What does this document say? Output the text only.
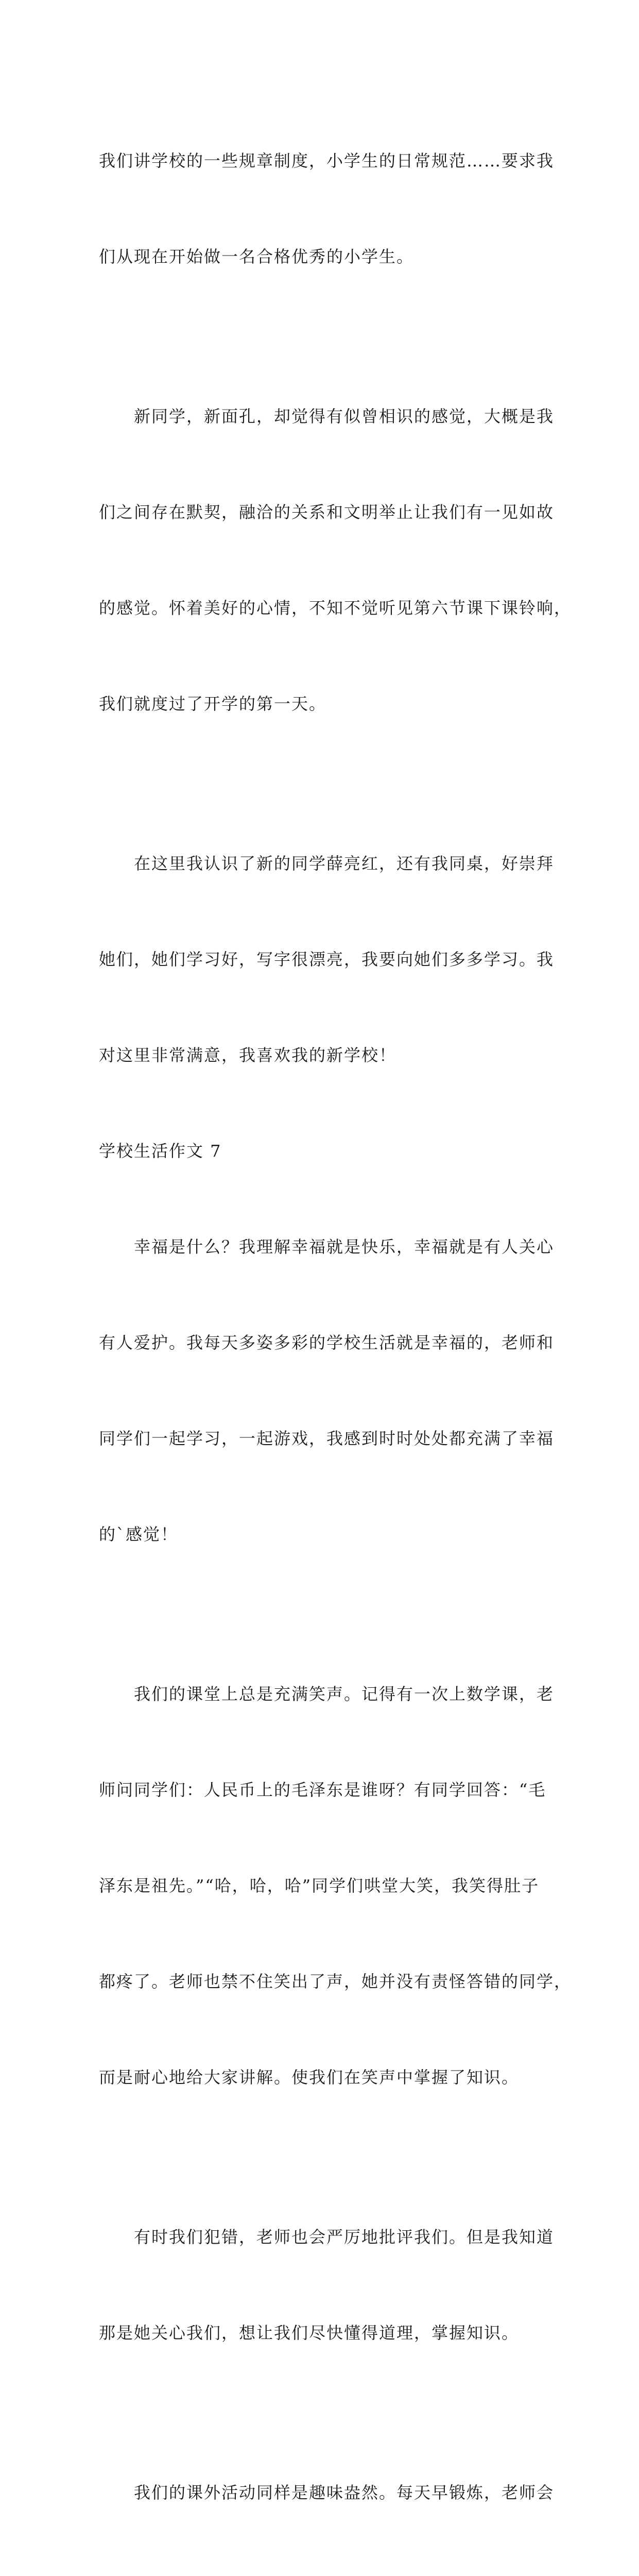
我们讲学校的一些规章制度，小学生的日常规范……要求我

们从现在开始做一名合格优秀的小学生。

　　新同学，新面孔，却觉得有似曾相识的感觉，大概是我

们之间存在默契，融洽的关系和文明举止让我们有一见如故

的感觉。怀着美好的心情，不知不觉听见第六节课下课铃响，

我们就度过了开学的第一天。

　　在这里我认识了新的同学薛亮红，还有我同桌，好崇拜

她们，她们学习好，写字很漂亮，我要向她们多多学习。我

对这里非常满意，我喜欢我的新学校！

学校生活作文 7

　　幸福是什么？我理解幸福就是快乐，幸福就是有人关心

有人爱护。我每天多姿多彩的学校生活就是幸福的，老师和

同学们一起学习，一起游戏，我感到时时处处都充满了幸福

的`感觉！

　　我们的课堂上总是充满笑声。记得有一次上数学课，老

师问同学们：人民币上的毛泽东是谁呀？有同学回答：“毛

泽东是祖先。”“哈，哈，哈”同学们哄堂大笑，我笑得肚子

都疼了。老师也禁不住笑出了声，她并没有责怪答错的同学，

而是耐心地给大家讲解。使我们在笑声中掌握了知识。

　　有时我们犯错，老师也会严厉地批评我们。但是我知道

那是她关心我们，想让我们尽快懂得道理，掌握知识。

　　我们的课外活动同样是趣味盎然。每天早锻炼，老师会
